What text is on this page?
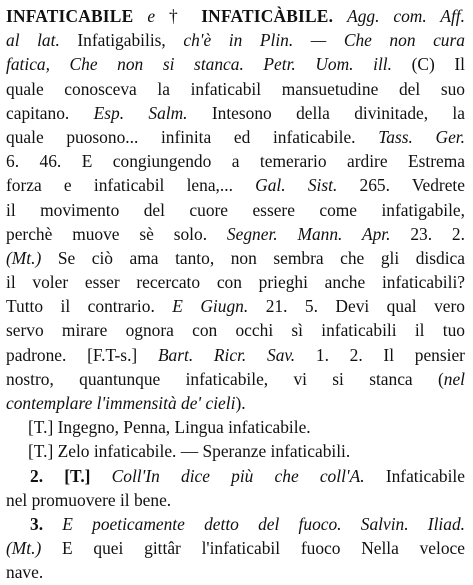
INFATICABILE e † INFATICÀBILE. Agg. com. Aff.
al lat. Infatigabilis, ch'è in Plin. — Che non cura
fatica, Che non si stanca. Petr. Uom. ill. (C) Il
quale conosceva la infaticabil mansuetudine del suo
capitano. Esp. Salm. Intesono della divinitade, la
quale puosono... infinita ed infaticabile. Tass. Ger.
6. 46. E congiungendo a temerario ardire Estrema
forza e infaticabil lena,... Gal. Sist. 265. Vedrete
il movimento del cuore essere come infatigabile,
perchè muove sè solo. Segner. Mann. Apr. 23. 2.
(Mt.) Se ciò ama tanto, non sembra che gli disdica
il voler esser recercato con prieghi anche infaticabili?
Tutto il contrario. E Giugn. 21. 5. Devi qual vero
servo mirare ognora con occhi sì infaticabili il tuo
padrone. [F.T-s.] Bart. Ricr. Sav. 1. 2. Il pensier
nostro, quantunque infaticabile, vi si stanca (nel
contemplare l'immensità de' cieli).
[T.] Ingegno, Penna, Lingua infaticabile.
[T.] Zelo infaticabile. — Speranze infaticabili.
2. [T.] Coll'In dice più che coll'A. Infaticabile
nel promuovere il bene.
3. E poeticamente detto del fuoco. Salvin. Iliad.
(Mt.) E quei gittâr l'infaticabil fuoco Nella veloce
nave.
